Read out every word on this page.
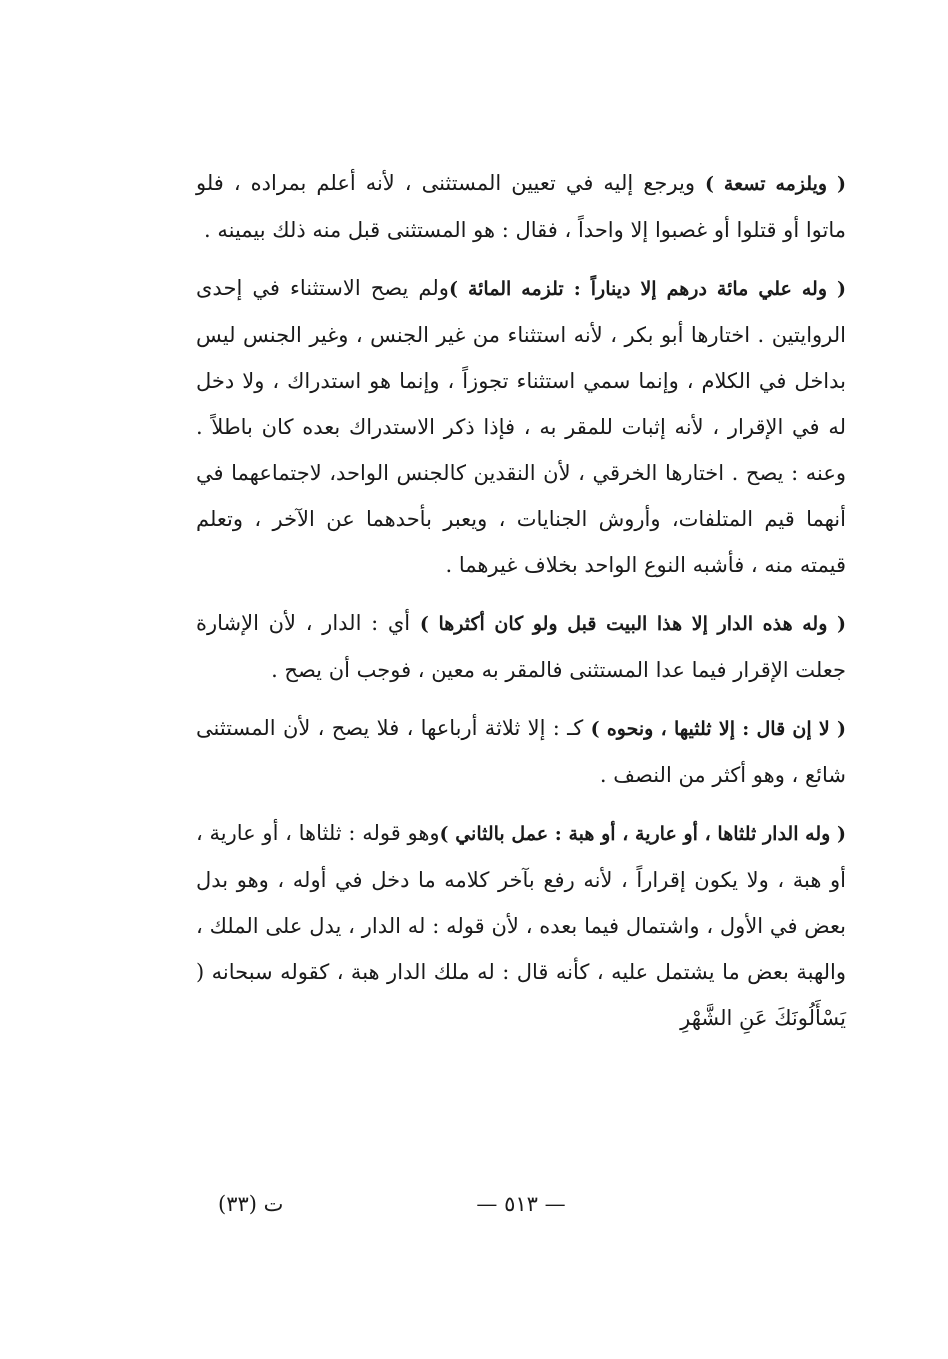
( ويلزمه تسعة ) ويرجع إليه في تعيين المستثنى ، لأنه أعلم بمراده ، فلو ماتوا أو قتلوا أو غصبوا إلا واحداً ، فقال : هو المستثنى قبل منه ذلك بيمينه .

( وله علي مائة درهم إلا ديناراً : تلزمه المائة )ولم يصح الاستثناء في إحدى الروايتين . اختارها أبو بكر ، لأنه استثناء من غير الجنس ، وغير الجنس ليس بداخل في الكلام ، وإنما سمي استثناء تجوزاً ، وإنما هو استدراك ، ولا دخل له في الإقرار ، لأنه إثبات للمقر به ، فإذا ذكر الاستدراك بعده كان باطلاً . وعنه : يصح . اختارها الخرقي ، لأن النقدين كالجنس الواحد، لاجتماعهما في أنهما قيم المتلفات، وأروش الجنايات ، ويعبر بأحدهما عن الآخر ، وتعلم قيمته منه ، فأشبه النوع الواحد بخلاف غيرهما .

( وله هذه الدار إلا هذا البيت قبل ولو كان أكثرها ) أي : الدار ، لأن الإشارة جعلت الإقرار فيما عدا المستثنى فالمقر به معين ، فوجب أن يصح .

( لا إن قال : إلا ثلثيها ، ونحوه ) كـ : إلا ثلاثة أرباعها ، فلا يصح ، لأن المستثنى شائع ، وهو أكثر من النصف .

( وله الدار ثلثاها ، أو عارية ، أو هبة : عمل بالثاني )وهو قوله : ثلثاها ، أو عارية ، أو هبة ، ولا يكون إقراراً ، لأنه رفع بآخر كلامه ما دخل في أوله ، وهو بدل بعض في الأول ، واشتمال فيما بعده ، لأن قوله : له الدار ، يدل على الملك ، والهبة بعض ما يشتمل عليه ، كأنه قال : له ملك الدار هبة ، كقوله سبحانه ( يَسْأَلُونَكَ عَنِ الشَّهْرِ

— ٥١٣ —
ت (٣٣)
